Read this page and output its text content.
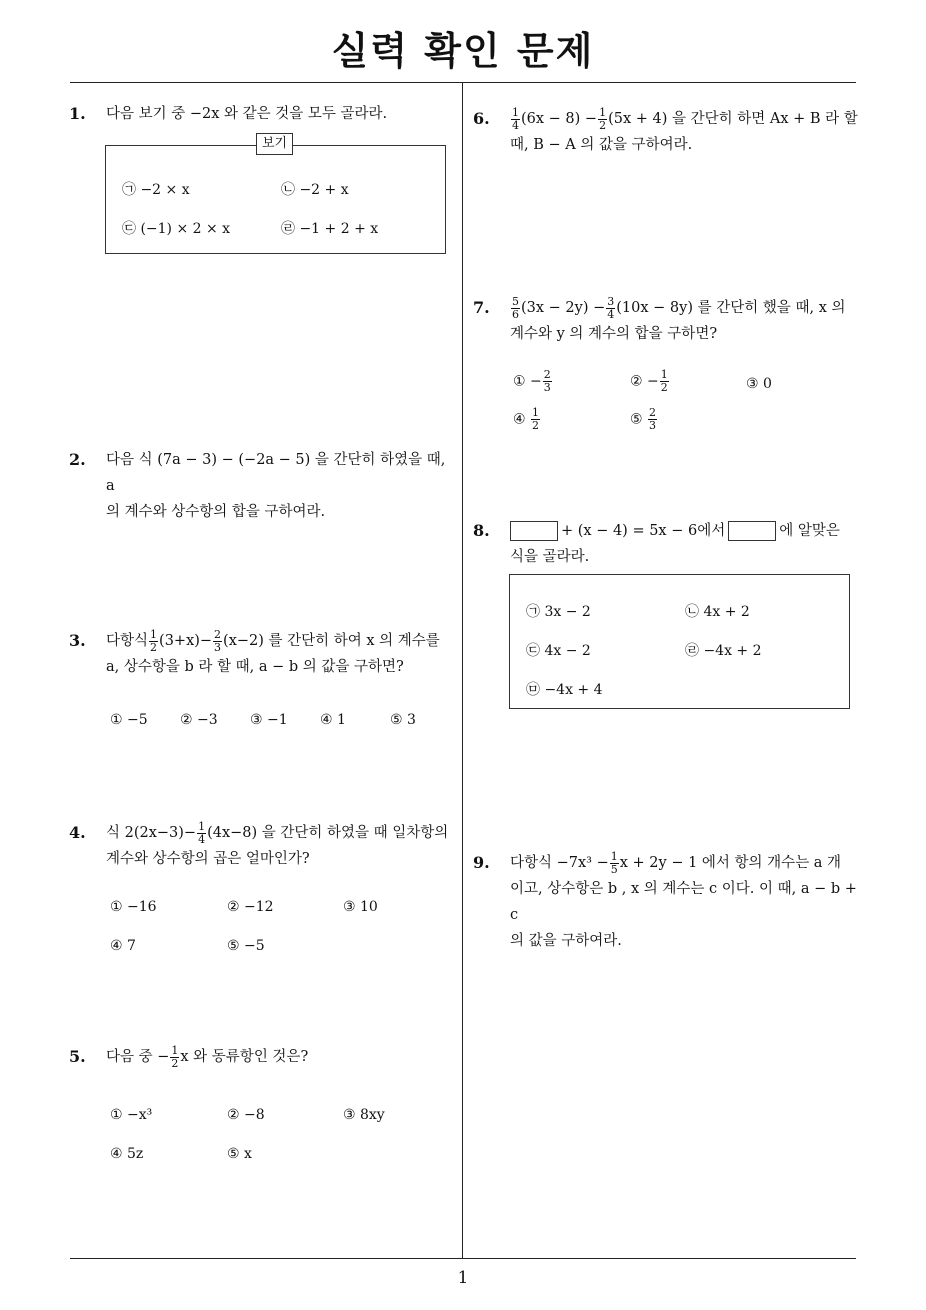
실력 확인 문제
1
1. 다음 보기 중 −2x 와 같은 것을 모두 골라라.
보기
㉠ −2 × x	㉡ −2 + x
㉢ (−1) × 2 × x	㉣ −1 + 2 + x
2. 다음 식 (7a − 3) − (−2a − 5) 을 간단히 하였을 때, a
의 계수와 상수항의 합을 구하여라.
3. 다항식 $\frac{1}{2} (3+x)- \frac{2}{3} (x-2)$ 를 간단히 하여 x 의 계수를
a, 상수항을 b 라 할 때, a − b 의 값을 구하면?
① −5 ② −3 ③ −1 ④ 1	⑤ 3
4. 식 $2(2x-3)- \frac{1}{4} (4x-8)$ 을 간단히 하였을 때 일차항의
계수와 상수항의 곱은 얼마인가?
① −16	② −12	③ 10
④ 7	⑤ −5
5. 다음 중 − $\frac{1}{2}$ x 와 동류항인 것은?
① −x³	② −8	③ 8xy
④ 5z	⑤ x
6. $\frac{1}{4} (6x - 8) - \frac{1}{2} (5x + 4)$ 을 간단히 하면 Ax + B 라 할
때, B − A 의 값을 구하여라.
7. $\frac{5}{6} (3x - 2y) - \frac{3}{4} (10x - 8y)$ 를 간단히 했을 때, x 의
계수와 y 의 계수의 합을 구하면?
① − $\frac{2}{3}$	② − $\frac{1}{2}$	③ 0
④ $\frac{1}{2}$	⑤ $\frac{2}{3}$
8.	+ (x − 4) = 5x − 6에서	에 알맞은
식을 골라라.
㉠ 3x − 2	㉡ 4x + 2
㉢ 4x − 2	㉣ −4x + 2
㉤ −4x + 4
9. 다항식 $-7x^3 - \frac{1}{5}$ x + 2y − 1 에서 항의 개수는 a 개
이고, 상수항은 b , x 의 계수는 c 이다. 이 때, a − b + c
의 값을 구하여라.
